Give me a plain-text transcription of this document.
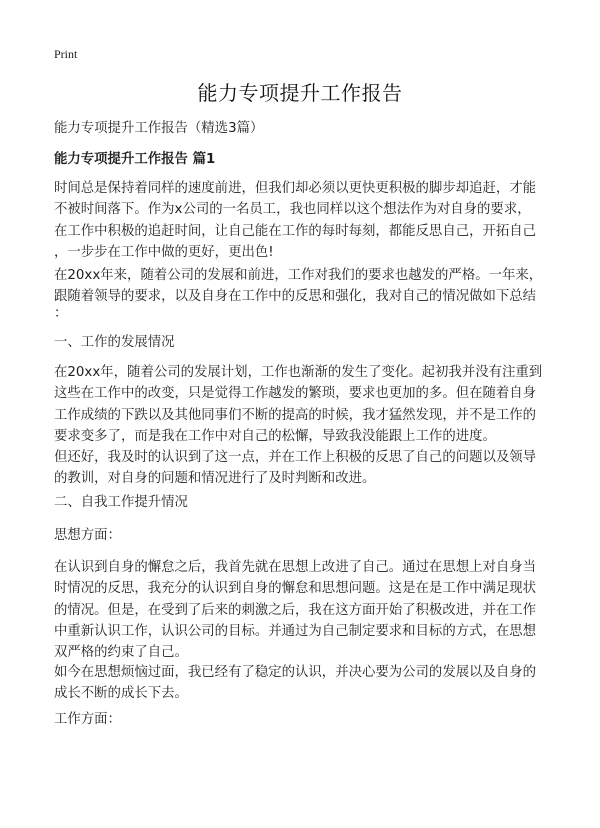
Print
能力专项提升工作报告
能力专项提升工作报告（精选3篇）
能力专项提升工作报告 篇1
时间总是保持着同样的速度前进，但我们却必须以更快更积极的脚步却追赶，才能
不被时间落下。作为x公司的一名员工，我也同样以这个想法作为对自身的要求，
在工作中积极的追赶时间，让自己能在工作的每时每刻，都能反思自己，开拓自己
，一步步在工作中做的更好，更出色!
在20xx年来，随着公司的发展和前进，工作对我们的要求也越发的严格。一年来，
跟随着领导的要求，以及自身在工作中的反思和强化，我对自己的情况做如下总结
：
一、工作的发展情况
在20xx年，随着公司的发展计划，工作也渐渐的发生了变化。起初我并没有注重到
这些在工作中的改变，只是觉得工作越发的繁琐，要求也更加的多。但在随着自身
工作成绩的下跌以及其他同事们不断的提高的时候，我才猛然发现，并不是工作的
要求变多了，而是我在工作中对自己的松懈，导致我没能跟上工作的进度。
但还好，我及时的认识到了这一点，并在工作上积极的反思了自己的问题以及领导
的教训，对自身的问题和情况进行了及时判断和改进。
二、自我工作提升情况
思想方面：
在认识到自身的懈怠之后，我首先就在思想上改进了自己。通过在思想上对自身当
时情况的反思，我充分的认识到自身的懈怠和思想问题。这是在是工作中满足现状
的情况。但是，在受到了后来的刺激之后，我在这方面开始了积极改进，并在工作
中重新认识工作，认识公司的目标。并通过为自己制定要求和目标的方式，在思想
双严格的约束了自己。
如今在思想烦恼过面，我已经有了稳定的认识，并决心要为公司的发展以及自身的
成长不断的成长下去。
工作方面：
